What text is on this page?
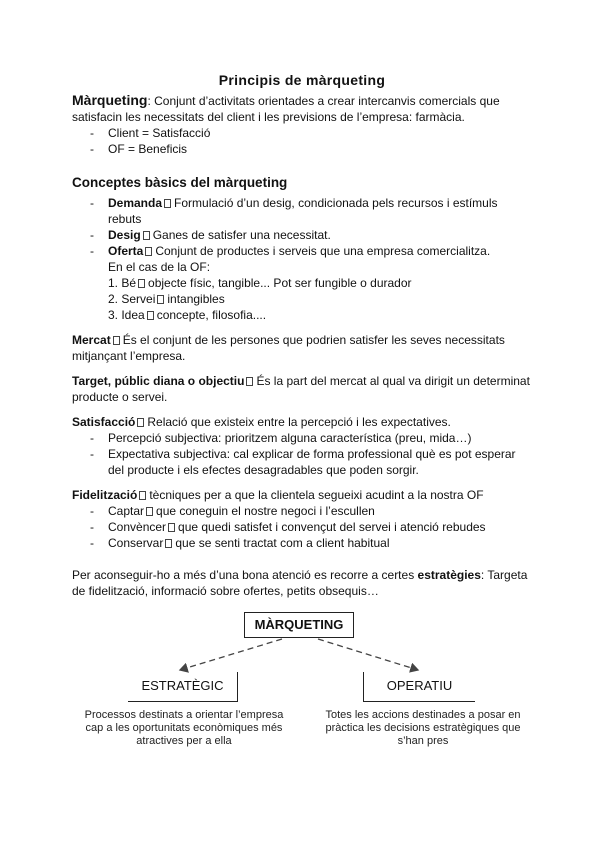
Principis de màrqueting

Màrqueting: Conjunt d’activitats orientades a crear intercanvis comercials que satisfacin les necessitats del client i les previsions de l’empresa: farmàcia.

- Client = Satisfacció
- OF = Beneficis
Conceptes bàsics del màrqueting
- Demanda Formulació d’un desig, condicionada pels recursos i estímuls rebuts
- Desig Ganes de satisfer una necessitat.
- Oferta Conjunt de productes i serveis que una empresa comercialitza.
En el cas de la OF:
1. Bé objecte físic, tangible... Pot ser fungible o durador
2. Servei intangibles
3. Idea concepte, filosofia....

Mercat És el conjunt de les persones que podrien satisfer les seves necessitats mitjançant l’empresa.

Target, públic diana o objectiu És la part del mercat al qual va dirigit un determinat producte o servei.

Satisfacció Relació que existeix entre la percepció i les expectatives.

- Percepció subjectiva: prioritzem alguna característica (preu, mida…)
- Expectativa subjectiva: cal explicar de forma professional què es pot esperar del producte i els efectes desagradables que poden sorgir.

Fidelització tècniques per a que la clientela segueixi acudint a la nostra OF

- Captar que coneguin el nostre negoci i l’escullen
- Convèncer que quedi satisfet i convençut del servei i atenció rebudes
- Conservar que se senti tractat com a client habitual

Per aconseguir-ho a més d’una bona atenció es recorre a certes estratègies: Targeta de fidelització, informació sobre ofertes, petits obsequis…

MÀRQUETING
ESTRATÈGIC	OPERATIU
Processos destinats a orientar l’empresa cap a les oportunitats econòmiques més atractives per a ella
Totes les accions destinades a posar en pràctica les decisions estratègiques que s’han pres
